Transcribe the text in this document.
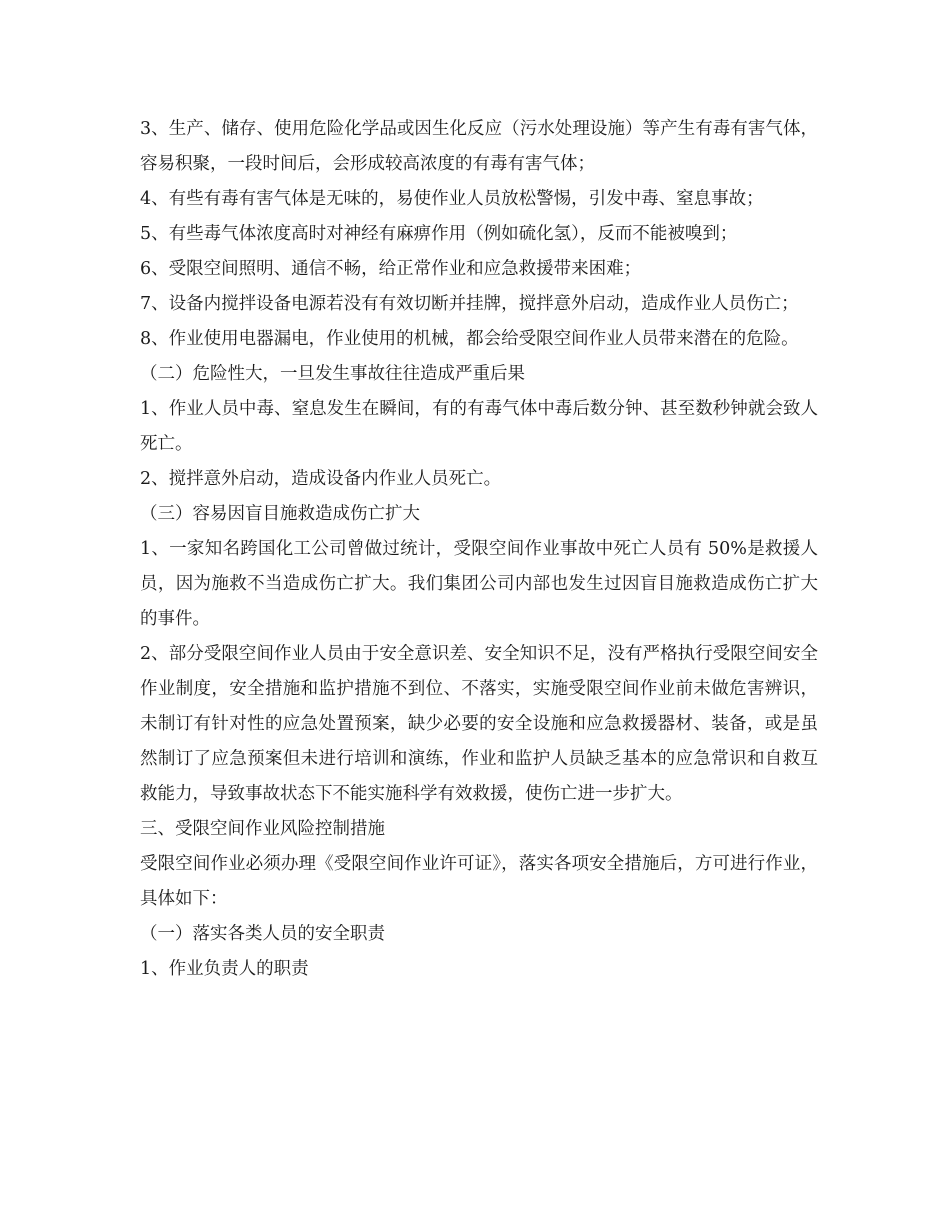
3、生产、储存、使用危险化学品或因生化反应（污水处理设施）等产生有毒有害气体，容易积聚，一段时间后，会形成较高浓度的有毒有害气体；

4、有些有毒有害气体是无味的，易使作业人员放松警惕，引发中毒、窒息事故；

5、有些毒气体浓度高时对神经有麻痹作用（例如硫化氢），反而不能被嗅到；

6、受限空间照明、通信不畅，给正常作业和应急救援带来困难；

7、设备内搅拌设备电源若没有有效切断并挂牌，搅拌意外启动，造成作业人员伤亡；

8、作业使用电器漏电，作业使用的机械，都会给受限空间作业人员带来潜在的危险。

（二）危险性大，一旦发生事故往往造成严重后果

1、作业人员中毒、窒息发生在瞬间，有的有毒气体中毒后数分钟、甚至数秒钟就会致人死亡。

2、搅拌意外启动，造成设备内作业人员死亡。

（三）容易因盲目施救造成伤亡扩大

1、一家知名跨国化工公司曾做过统计，受限空间作业事故中死亡人员有 50%是救援人员，因为施救不当造成伤亡扩大。我们集团公司内部也发生过因盲目施救造成伤亡扩大的事件。

2、部分受限空间作业人员由于安全意识差、安全知识不足，没有严格执行受限空间安全作业制度，安全措施和监护措施不到位、不落实，实施受限空间作业前未做危害辨识，未制订有针对性的应急处置预案，缺少必要的安全设施和应急救援器材、装备，或是虽然制订了应急预案但未进行培训和演练，作业和监护人员缺乏基本的应急常识和自救互救能力，导致事故状态下不能实施科学有效救援，使伤亡进一步扩大。

三、受限空间作业风险控制措施

受限空间作业必须办理《受限空间作业许可证》，落实各项安全措施后，方可进行作业，具体如下：

（一）落实各类人员的安全职责

1、作业负责人的职责
